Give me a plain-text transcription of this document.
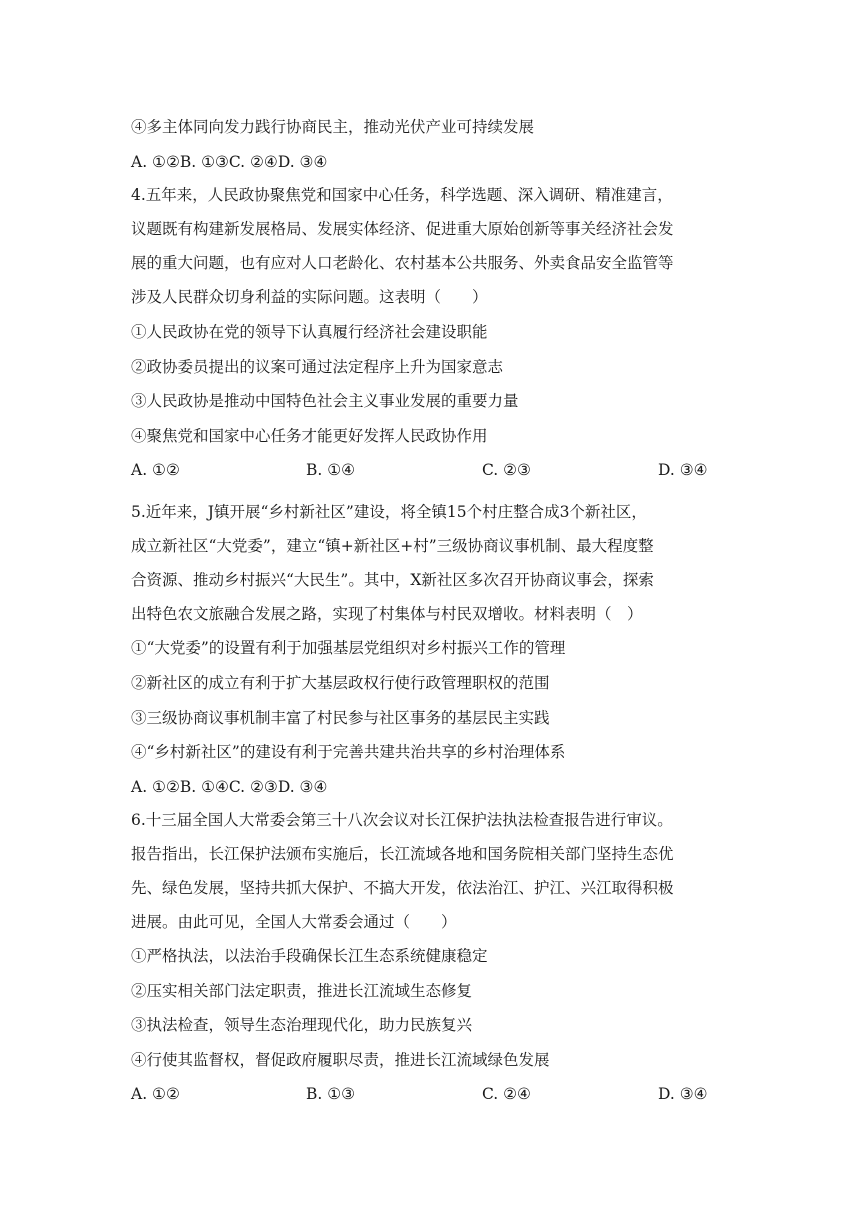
④多主体同向发力践行协商民主，推动光伏产业可持续发展
A. ①②B. ①③C. ②④D. ③④
4.五年来，人民政协聚焦党和国家中心任务，科学选题、深入调研、精准建言，
议题既有构建新发展格局、发展实体经济、促进重大原始创新等事关经济社会发
展的重大问题，也有应对人口老龄化、农村基本公共服务、外卖食品安全监管等
涉及人民群众切身利益的实际问题。这表明（　　）
①人民政协在党的领导下认真履行经济社会建设职能
②政协委员提出的议案可通过法定程序上升为国家意志
③人民政协是推动中国特色社会主义事业发展的重要力量
④聚焦党和国家中心任务才能更好发挥人民政协作用
A. ①②	B. ①④	C. ②③	D. ③④
5.近年来，J镇开展“乡村新社区”建设，将全镇15个村庄整合成3个新社区，
成立新社区“大党委”，建立“镇+新社区+村”三级协商议事机制、最大程度整
合资源、推动乡村振兴“大民生”。其中，X新社区多次召开协商议事会，探索
出特色农文旅融合发展之路，实现了村集体与村民双增收。材料表明（　）
①“大党委”的设置有利于加强基层党组织对乡村振兴工作的管理
②新社区的成立有利于扩大基层政权行使行政管理职权的范围
③三级协商议事机制丰富了村民参与社区事务的基层民主实践
④“乡村新社区”的建设有利于完善共建共治共享的乡村治理体系
A. ①②B. ①④C. ②③D. ③④
6.十三届全国人大常委会第三十八次会议对长江保护法执法检查报告进行审议。
报告指出，长江保护法颁布实施后，长江流域各地和国务院相关部门坚持生态优
先、绿色发展，坚持共抓大保护、不搞大开发，依法治江、护江、兴江取得积极
进展。由此可见，全国人大常委会通过（　　）
①严格执法，以法治手段确保长江生态系统健康稳定
②压实相关部门法定职责，推进长江流域生态修复
③执法检查，领导生态治理现代化，助力民族复兴
④行使其监督权，督促政府履职尽责，推进长江流域绿色发展
A. ①②	B. ①③	C. ②④	D. ③④
